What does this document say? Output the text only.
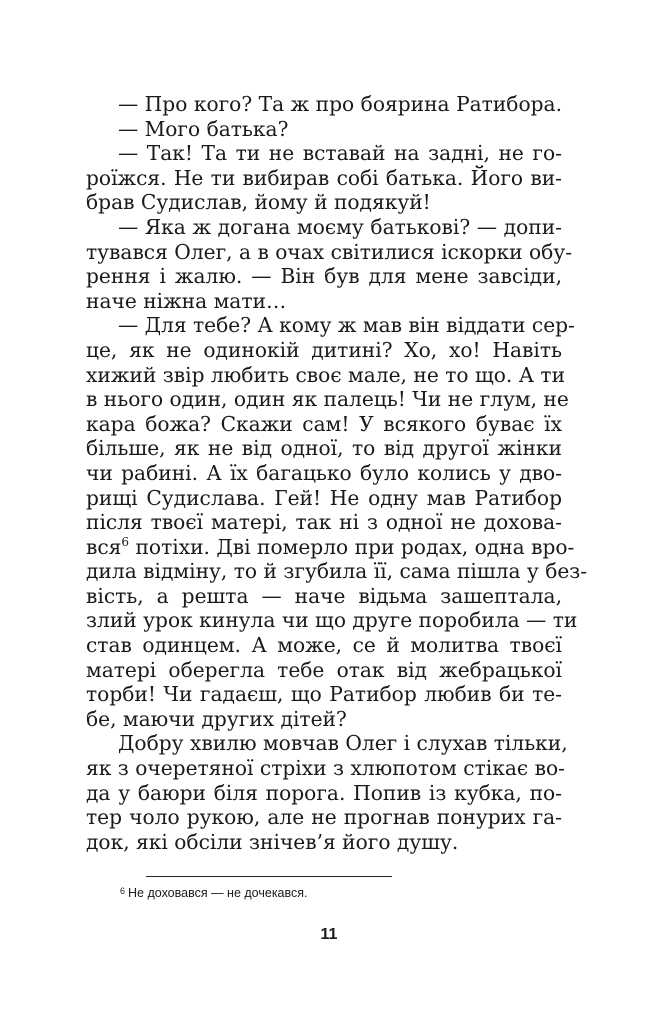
— Про кого? Та ж про боярина Ратибора.
— Мого батька?
— Так! Та ти не вставай на задні, не го-
роїжся. Не ти вибирав собі батька. Його ви-
брав Судислав, йому й подякуй!
— Яка ж догана моєму батькові? — допи-
тувався Олег, а в очах світилися іскорки обу-
рення і жалю. — Він був для мене завсіди,
наче ніжна мати…
— Для тебе? А кому ж мав він віддати сер-
це, як не одинокій дитині? Хо, хо! Навіть
хижий звір любить своє мале, не то що. А ти
в нього один, один як палець! Чи не глум, не
кара божа? Скажи сам! У всякого буває їх
більше, як не від одної, то від другої жінки
чи рабині. А їх багацько було колись у дво-
рищі Судислава. Гей! Не одну мав Ратибор
після твоєї матері, так ні з одної не дохова-
вся$^6$ потіхи. Дві померло при родах, одна вро-
дила відміну, то й згубила її, сама пішла у без-
вість, а решта — наче відьма зашептала,
злий урок кинула чи що друге поробила — ти
став одинцем. А може, се й молитва твоєї
матері оберегла тебе отак від жебрацької
торби! Чи гадаєш, що Ратибор любив би те-
бе, маючи других дітей?
Добру хвилю мовчав Олег і слухав тільки,
як з очеретяної стріхи з хлюпотом стікає во-
да у баюри біля порога. Попив із кубка, по-
тер чоло рукою, але не прогнав понурих га-
док, які обсіли знічев’я його душу.
$^6$ Не доховався — не дочекався.
11
